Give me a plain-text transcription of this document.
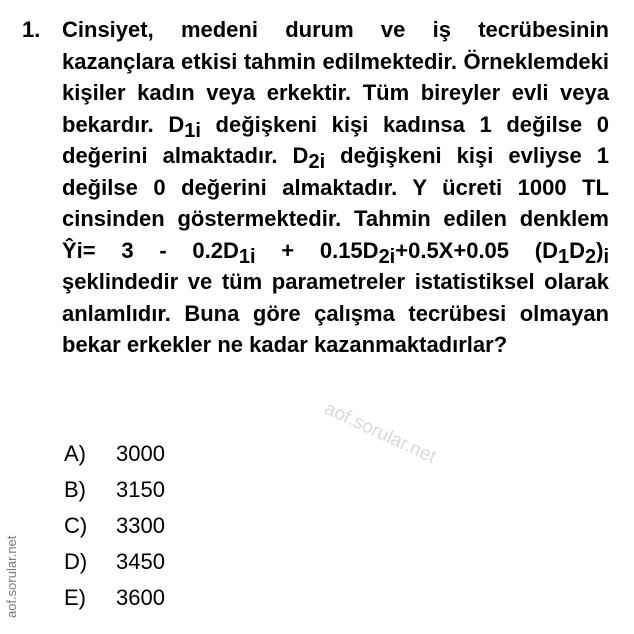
1. Cinsiyet, medeni durum ve iş tecrübesinin kazançlara etkisi tahmin edilmektedir. Örneklemdeki kişiler kadın veya erkektir. Tüm bireyler evli veya bekardır. D1i değişkeni kişi kadınsa 1 değilse 0 değerini almaktadır. D2i değişkeni kişi evliyse 1 değilse 0 değerini almaktadır. Y ücreti 1000 TL cinsinden göstermektedir. Tahmin edilen denklem Ŷi= 3 - 0.2D1i + 0.15D2i+0.5X+0.05 (D1D2)i şeklindedir ve tüm parametreler istatistiksel olarak anlamlıdır. Buna göre çalışma tecrübesi olmayan bekar erkekler ne kadar kazanmaktadırlar?

A) 3000
B) 3150
C) 3300
D) 3450
E) 3600
aof.sorular.net
aof.sorular.net
